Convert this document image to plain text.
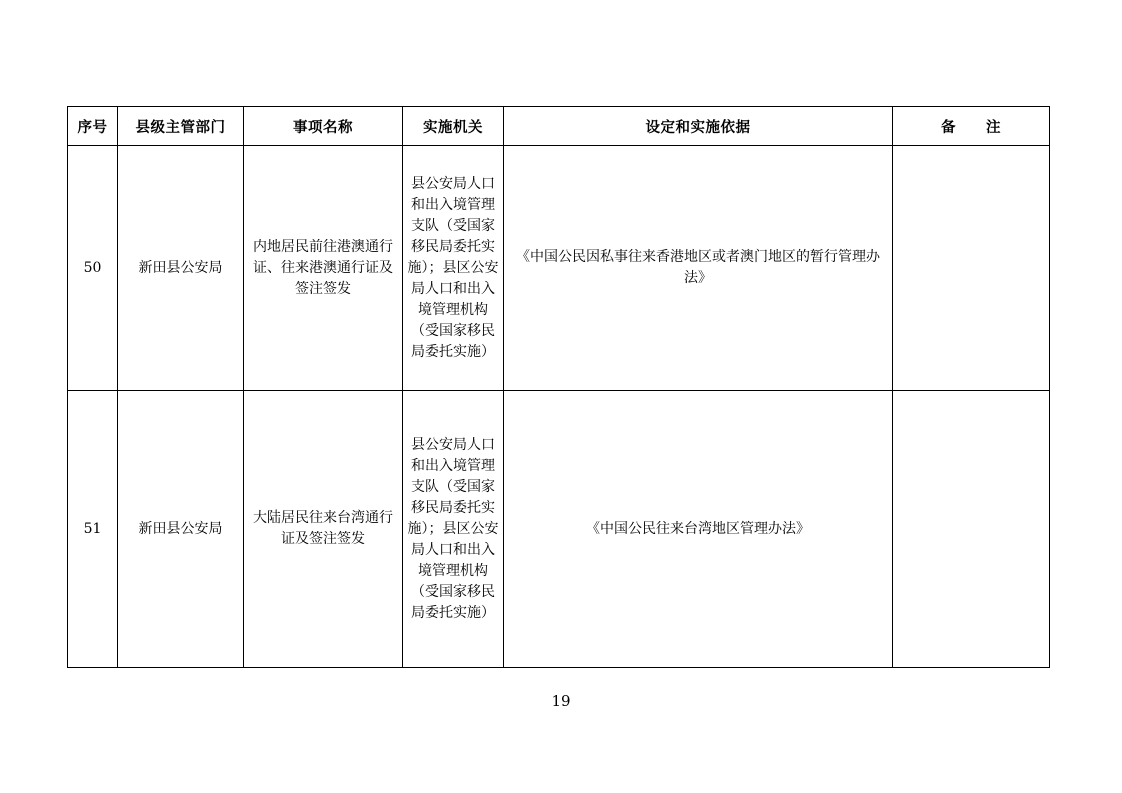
序号	县级主管部门	事项名称	实施机关	设定和实施依据	备　　注
50	新田县公安局	内地居民前往港澳通行证、往来港澳通行证及签注签发	县公安局人口和出入境管理支队（受国家移民局委托实施）；县区公安局人口和出入境管理机构（受国家移民局委托实施）	《中国公民因私事往来香港地区或者澳门地区的暂行管理办法》	

51	新田县公安局	大陆居民往来台湾通行证及签注签发	县公安局人口和出入境管理支队（受国家移民局委托实施）；县区公安局人口和出入境管理机构（受国家移民局委托实施）	《中国公民往来台湾地区管理办法》	

19
